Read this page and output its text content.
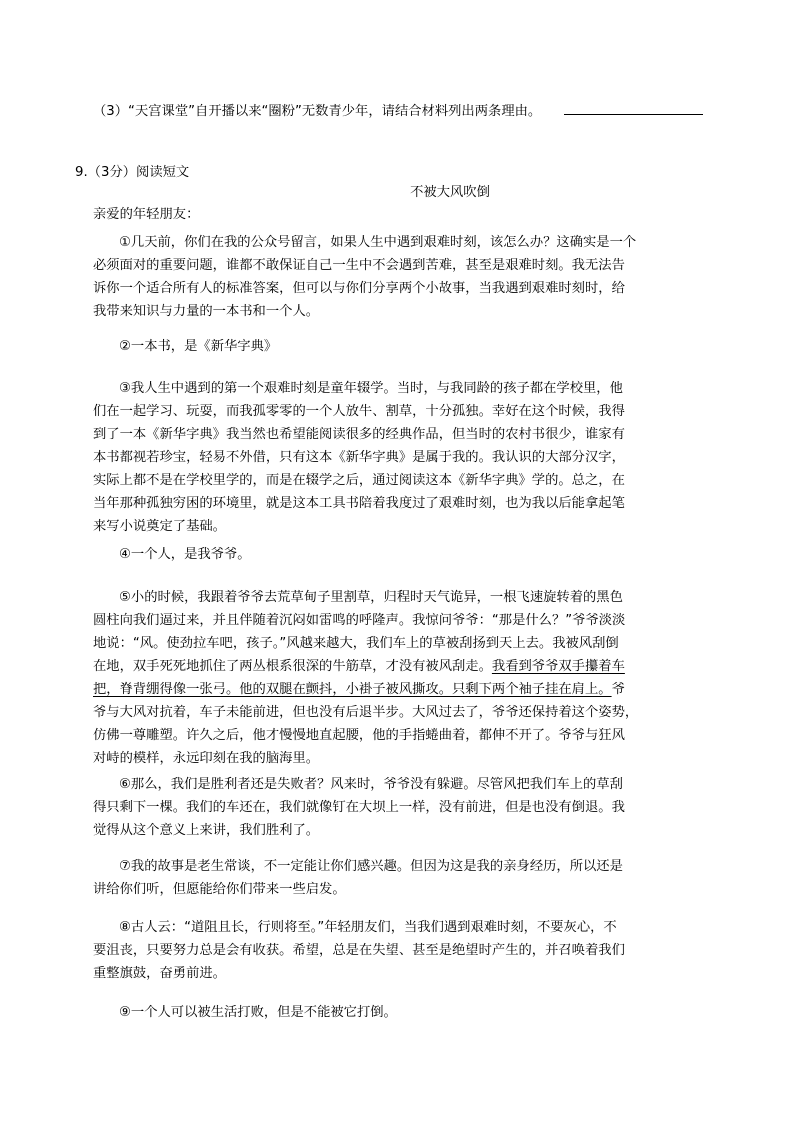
（3）“天宫课堂”自开播以来“圈粉”无数青少年，请结合材料列出两条理由。
9.（3分）阅读短文
不被大风吹倒
亲爱的年轻朋友：
①几天前，你们在我的公众号留言，如果人生中遇到艰难时刻，该怎么办？这确实是一个
必须面对的重要问题，谁都不敢保证自己一生中不会遇到苦难，甚至是艰难时刻。我无法告
诉你一个适合所有人的标准答案，但可以与你们分享两个小故事，当我遇到艰难时刻时，给
我带来知识与力量的一本书和一个人。
②一本书，是《新华字典》
③我人生中遇到的第一个艰难时刻是童年辍学。当时，与我同龄的孩子都在学校里，他
们在一起学习、玩耍，而我孤零零的一个人放牛、割草，十分孤独。幸好在这个时候，我得
到了一本《新华字典》我当然也希望能阅读很多的经典作品，但当时的农村书很少，谁家有
本书都视若珍宝，轻易不外借，只有这本《新华字典》是属于我的。我认识的大部分汉字，
实际上都不是在学校里学的，而是在辍学之后，通过阅读这本《新华字典》学的。总之，在
当年那种孤独穷困的环境里，就是这本工具书陪着我度过了艰难时刻，也为我以后能拿起笔
来写小说奠定了基础。
④一个人，是我爷爷。
⑤小的时候，我跟着爷爷去荒草甸子里割草，归程时天气诡异，一根飞速旋转着的黑色
圆柱向我们逼过来，并且伴随着沉闷如雷鸣的呼隆声。我惊问爷爷：“那是什么？”爷爷淡淡
地说：“风。使劲拉车吧，孩子。”风越来越大，我们车上的草被刮扬到天上去。我被风刮倒
在地，双手死死地抓住了两丛根系很深的牛筋草，才没有被风刮走。我看到爷爷双手攥着车
把，脊背绷得像一张弓。他的双腿在颤抖，小褂子被风撕攻。只剩下两个袖子挂在肩上。爷
爷与大风对抗着，车子未能前进，但也没有后退半步。大风过去了，爷爷还保持着这个姿势，
仿佛一尊雕塑。许久之后，他才慢慢地直起腰，他的手指蜷曲着，都伸不开了。爷爷与狂风
对峙的模样，永远印刻在我的脑海里。
⑥那么，我们是胜利者还是失败者？风来时，爷爷没有躲避。尽管风把我们车上的草刮
得只剩下一棵。我们的车还在，我们就像钉在大坝上一样，没有前进，但是也没有倒退。我
觉得从这个意义上来讲，我们胜利了。
⑦我的故事是老生常谈，不一定能让你们感兴趣。但因为这是我的亲身经历，所以还是
讲给你们听，但愿能给你们带来一些启发。
⑧古人云：“道阻且长，行则将至。”年轻朋友们，当我们遇到艰难时刻，不要灰心，不
要沮丧，只要努力总是会有收获。希望，总是在失望、甚至是绝望时产生的，并召唤着我们
重整旗鼓，奋勇前进。
⑨一个人可以被生活打败，但是不能被它打倒。
